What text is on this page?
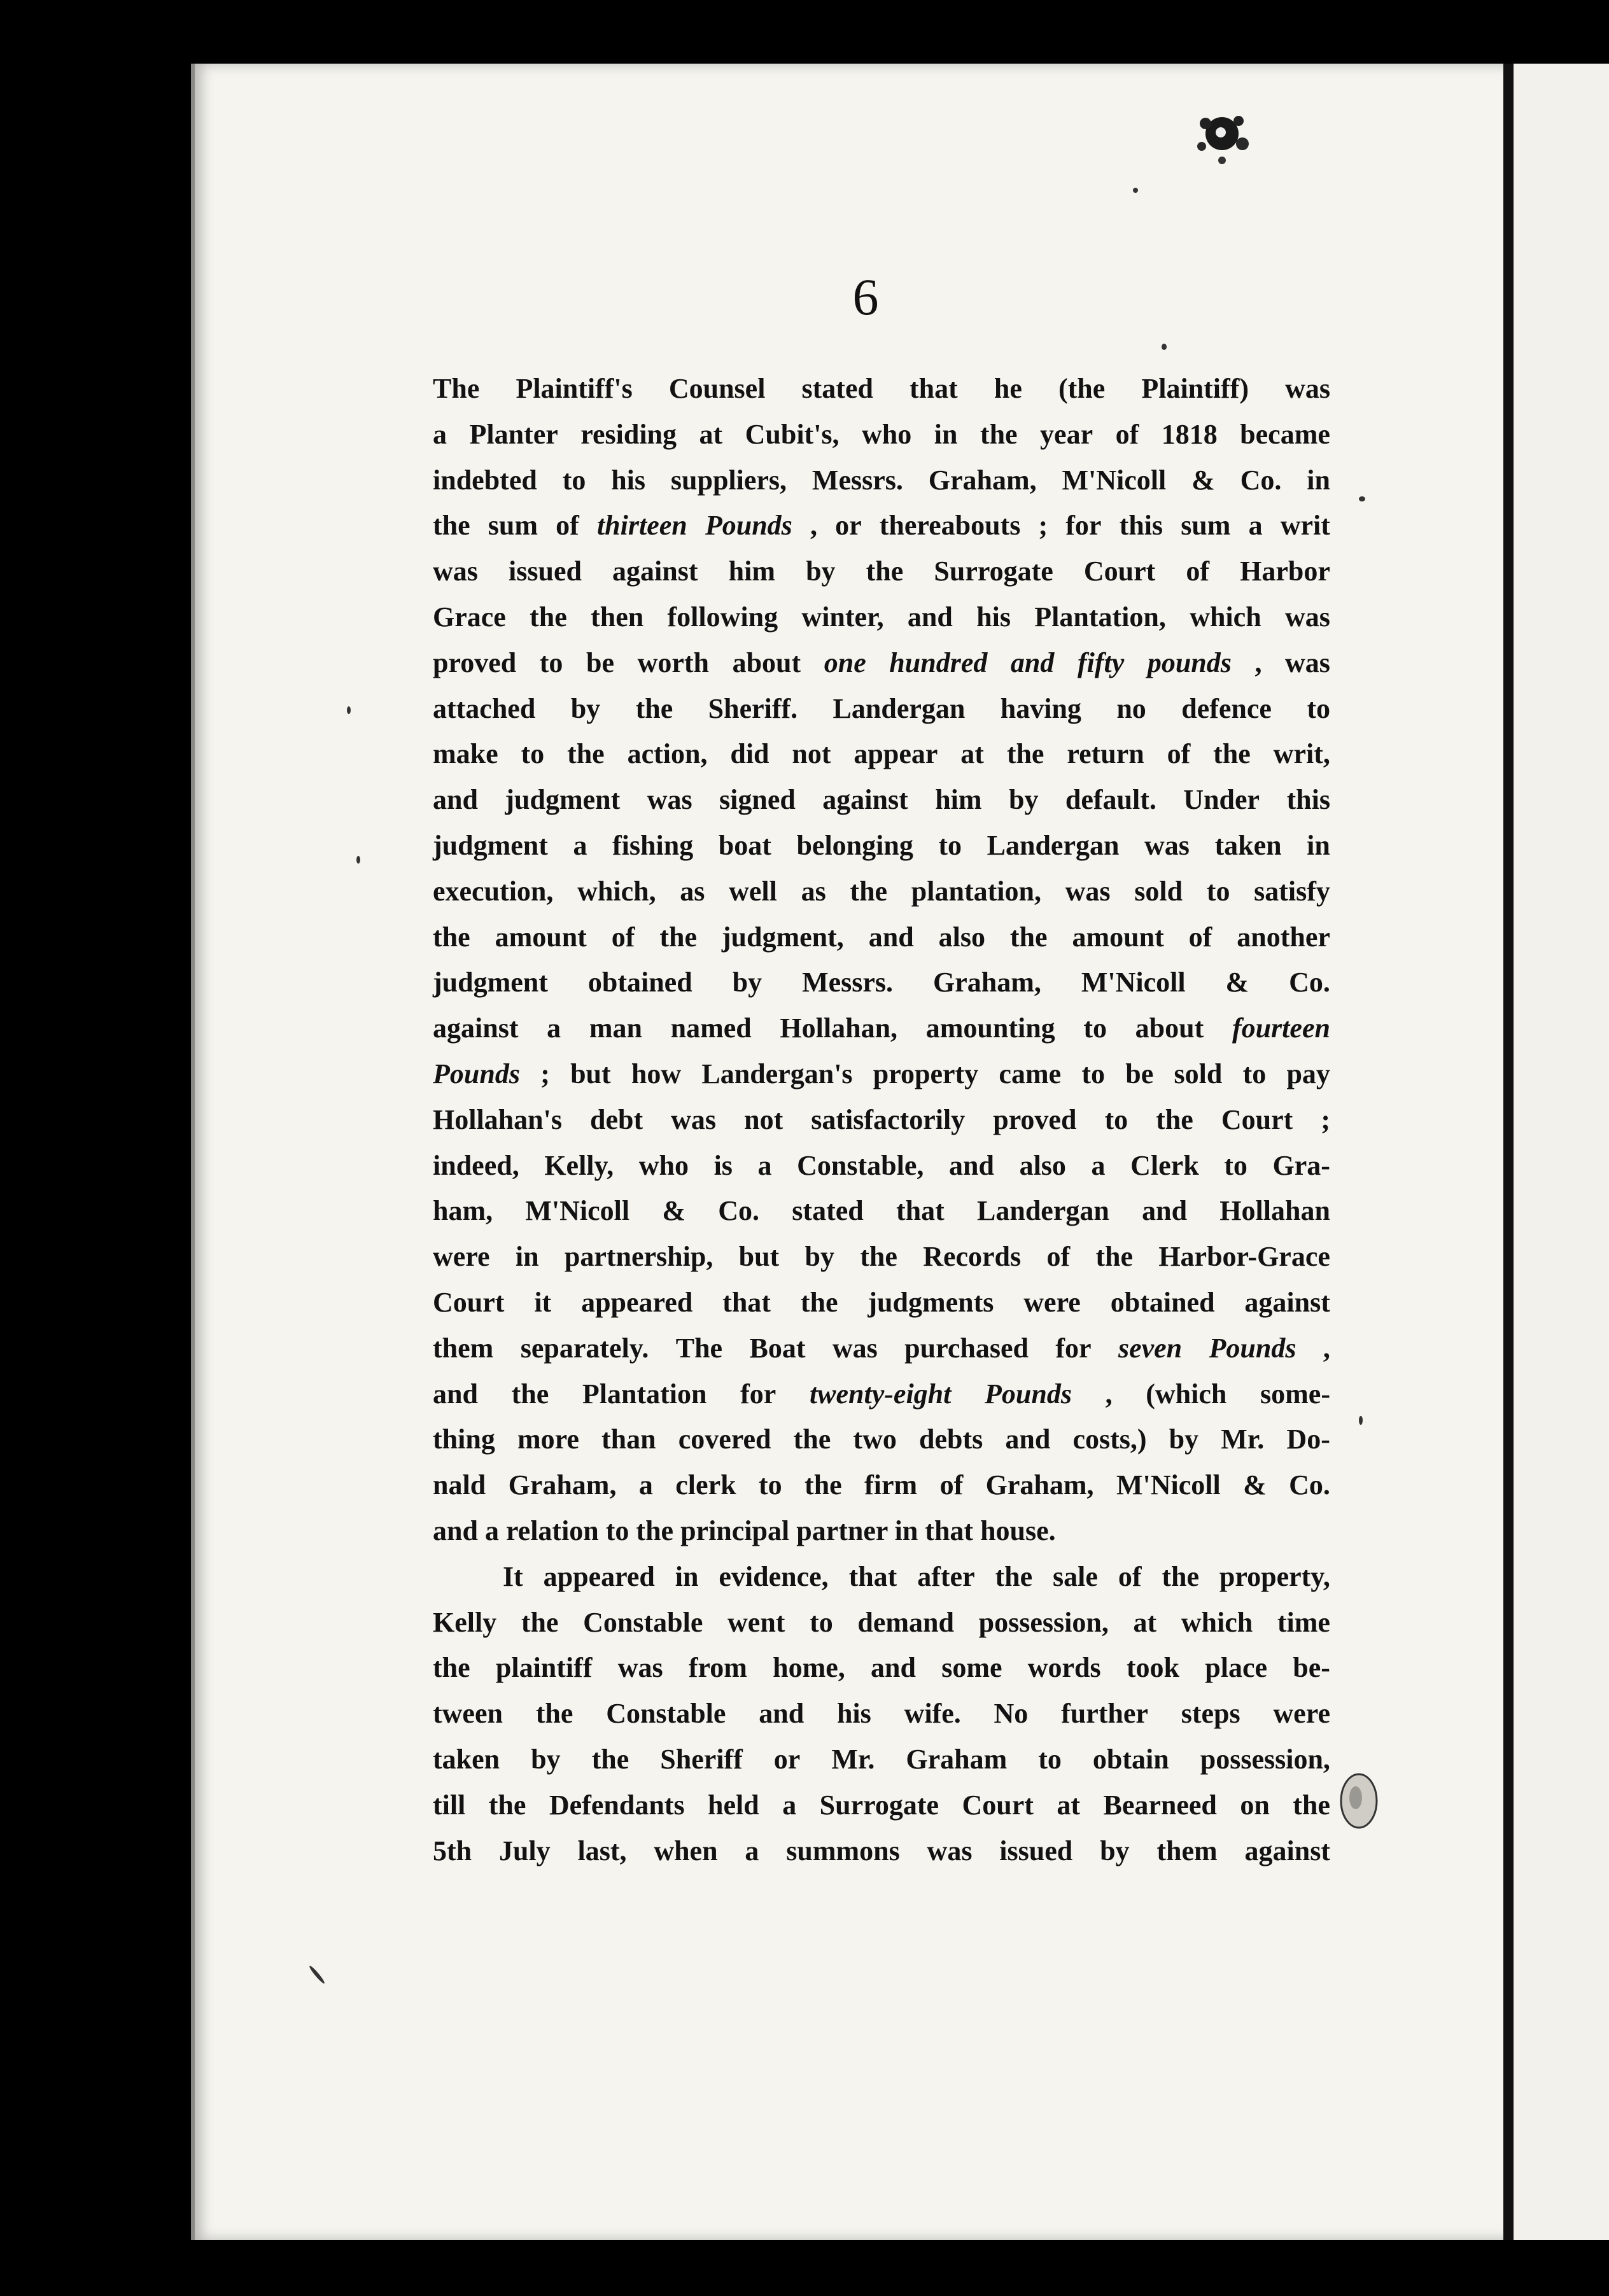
6
The Plaintiff's Counsel stated that he (the Plaintiff) was
a Planter residing at Cubit's, who in the year of 1818 became
indebted to his suppliers, Messrs. Graham, M'Nicoll & Co. in
the sum of thirteen Pounds , or thereabouts ; for this sum a writ
was issued against him by the Surrogate Court of Harbor
Grace the then following winter, and his Plantation, which was
proved to be worth about one hundred and fifty pounds , was
attached by the Sheriff. Landergan having no defence to
make to the action, did not appear at the return of the writ,
and judgment was signed against him by default. Under this
judgment a fishing boat belonging to Landergan was taken in
execution, which, as well as the plantation, was sold to satisfy
the amount of the judgment, and also the amount of another
judgment obtained by Messrs. Graham, M'Nicoll & Co.
against a man named Hollahan, amounting to about fourteen
Pounds ; but how Landergan's property came to be sold to pay
Hollahan's debt was not satisfactorily proved to the Court ;
indeed, Kelly, who is a Constable, and also a Clerk to Gra-
ham, M'Nicoll & Co. stated that Landergan and Hollahan
were in partnership, but by the Records of the Harbor-Grace
Court it appeared that the judgments were obtained against
them separately. The Boat was purchased for seven Pounds ,
and the Plantation for twenty-eight Pounds , (which some-
thing more than covered the two debts and costs,) by Mr. Do-
nald Graham, a clerk to the firm of Graham, M'Nicoll & Co.
and a relation to the principal partner in that house.
It appeared in evidence, that after the sale of the property,
Kelly the Constable went to demand possession, at which time
the plaintiff was from home, and some words took place be-
tween the Constable and his wife. No further steps were
taken by the Sheriff or Mr. Graham to obtain possession,
till the Defendants held a Surrogate Court at Bearneed on the
5th July last, when a summons was issued by them against
